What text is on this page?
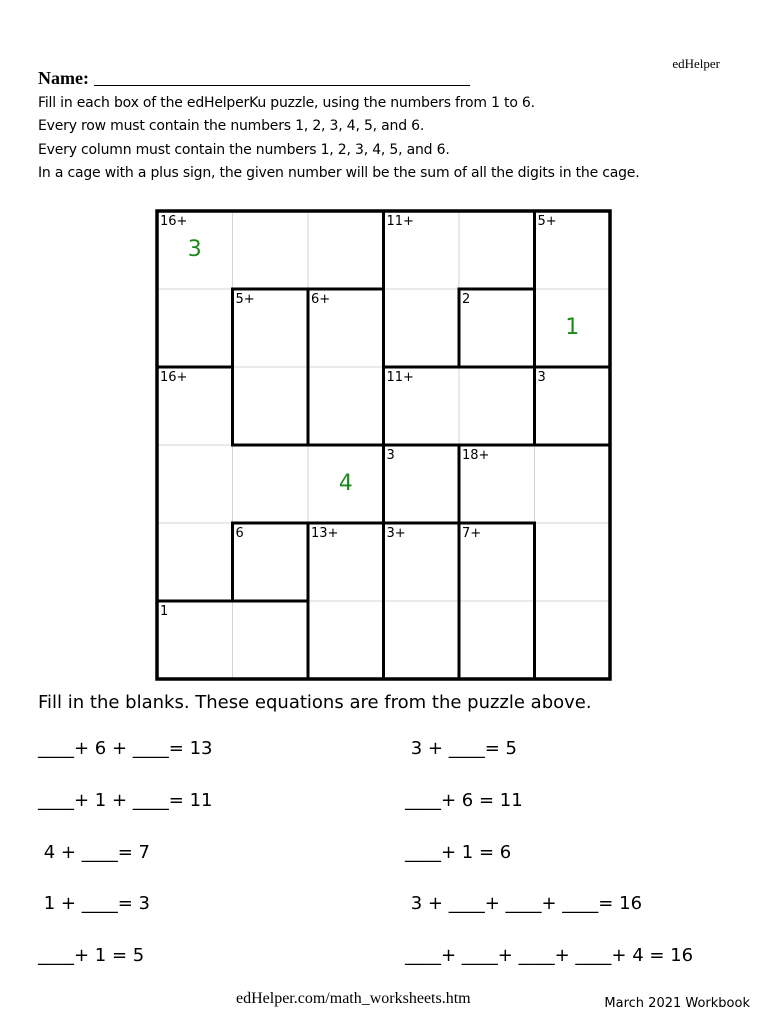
edHelper
Name:
Fill in each box of the edHelperKu puzzle, using the numbers from 1 to 6.
Every row must contain the numbers 1, 2, 3, 4, 5, and 6.
Every column must contain the numbers 1, 2, 3, 4, 5, and 6.
In a cage with a plus sign, the given number will be the sum of all the digits in the cage.
16+
3
11+	5+
5+	6+	2
1
16+	11+	3
4
3	18+
6	13+	3+	7+
1
Fill in the blanks. These equations are from the puzzle above.
____+ 6 + ____= 13
____+ 1 + ____= 11
4 + ____= 7
1 + ____= 3
____+ 1 = 5
3 + ____= 5
____+ 6 = 11
____+ 1 = 6
3 + ____+ ____+ ____= 16
____+ ____+ ____+ ____+ 4 = 16
edHelper.com/math_worksheets.htm	March 2021 Workbook
